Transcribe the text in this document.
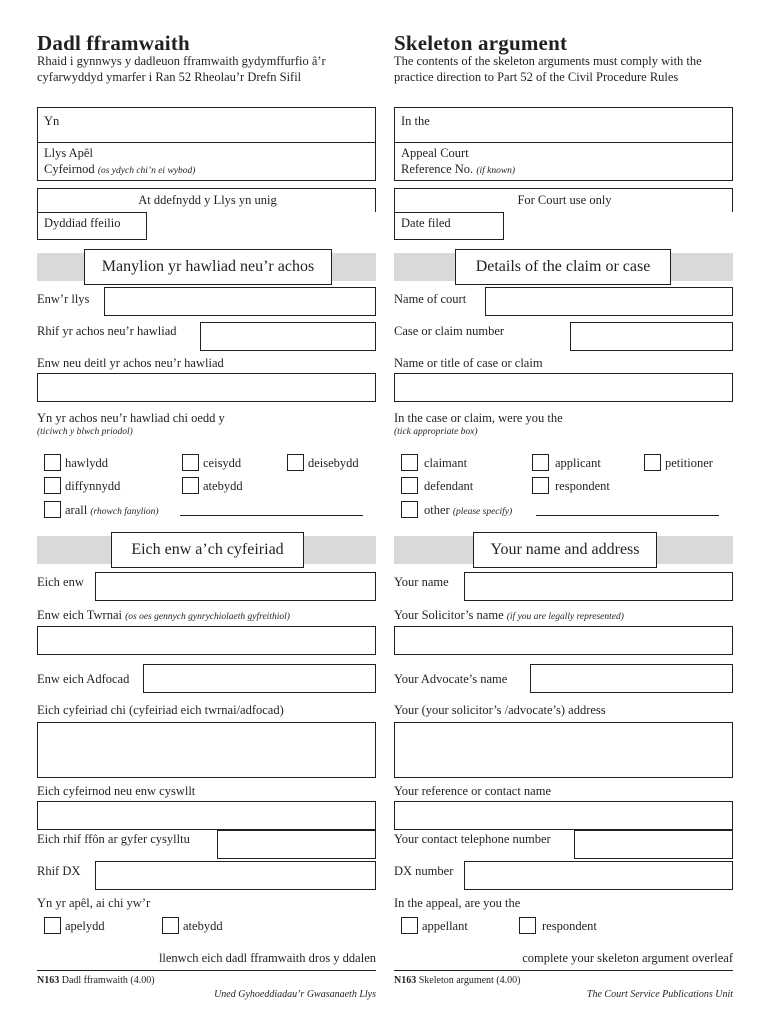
Dadl fframwaith
Rhaid i gynnwys y dadleuon fframwaith gydymffurfio â’r cyfarwyddyd ymarfer i Ran 52 Rheolau’r Drefn Sifil
Yn
Llys Apêl
Cyfeirnod (os ydych chi’n ei wybod)
At ddefnydd y Llys yn unig
Dyddiad ffeilio
Manylion yr hawliad neu’r achos
Enw’r llys
Rhif yr achos neu’r hawliad
Enw neu deitl yr achos neu’r hawliad
Yn yr achos neu’r hawliad chi oedd y
(ticiwch y blwch priodol)
hawlydd	ceisydd	deisebydd
diffynnydd	atebydd
arall (rhowch fanylion)
Eich enw a’ch cyfeiriad
Eich enw
Enw eich Twrnai (os oes gennych gynrychiolaeth gyfreithiol)
Enw eich Adfocad
Eich cyfeiriad chi (cyfeiriad eich twrnai/adfocad)
Eich cyfeirnod neu enw cyswllt
Eich rhif ffôn ar gyfer cysylltu
Rhif DX
Yn yr apêl, ai chi yw’r
apelydd	atebydd
llenwch eich dadl fframwaith dros y ddalen
N163 Dadl fframwaith (4.00)
Uned Gyhoeddiadau’r Gwasanaeth Llys
Skeleton argument
The contents of the skeleton arguments must comply with the practice direction to Part 52 of the Civil Procedure Rules
In the
Appeal Court
Reference No. (if known)
For Court use only
Date filed
Details of the claim or case
Name of court
Case or claim number
Name or title of case or claim
In the case or claim, were you the
(tick appropriate box)
claimant	applicant	petitioner
defendant	respondent
other (please specify)
Your name and address
Your name
Your Solicitor’s name (if you are legally represented)
Your Advocate’s name
Your (your solicitor’s /advocate’s) address
Your reference or contact name
Your contact telephone number
DX number
In the appeal, are you the
appellant	respondent
complete your skeleton argument overleaf
N163 Skeleton argument (4.00)
The Court Service Publications Unit
